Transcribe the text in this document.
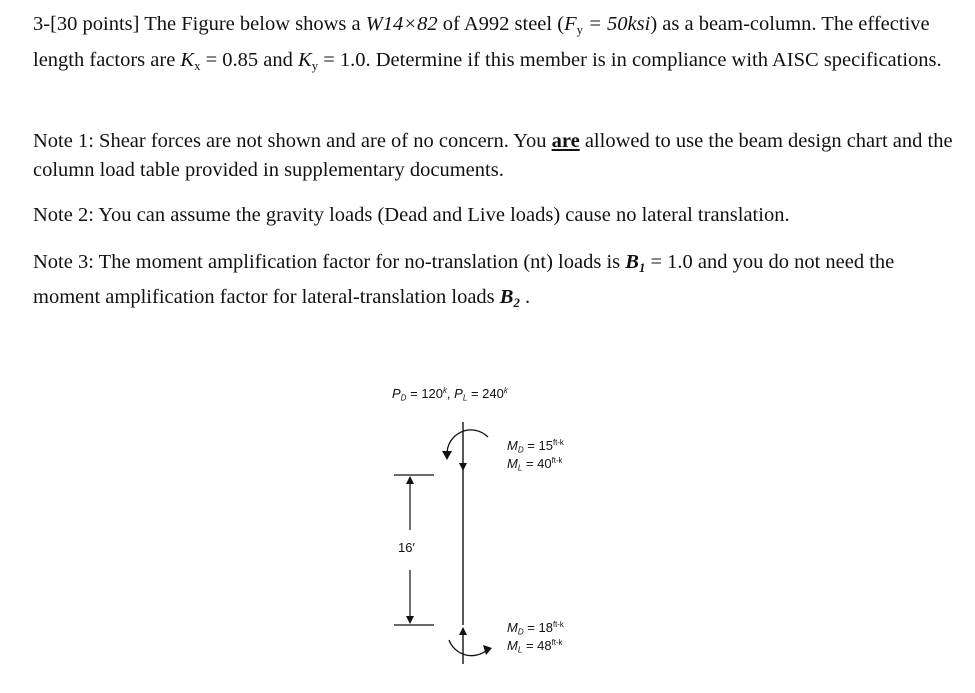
3-[30 points] The Figure below shows a W14×82 of A992 steel $(F_y = 50ksi)$ as a beam-column. The effective length factors are $K_x = 0.85$ and $K_y = 1.0$. Determine if this member is in compliance with AISC specifications.
Note 1: Shear forces are not shown and are of no concern. You are allowed to use the beam design chart and the column load table provided in supplementary documents.
Note 2: You can assume the gravity loads (Dead and Live loads) cause no lateral translation.
Note 3: The moment amplification factor for no-translation (nt) loads is $B_1 = 1.0$ and you do not need the moment amplification factor for lateral-translation loads $B_2$ .
$P_D = 120^k$, $P_L = 240^k$
$M_D = 15^{ft-k}$
$M_L = 40^{ft-k}$
16′
$M_D = 18^{ft-k}$
$M_L = 48^{ft-k}$
